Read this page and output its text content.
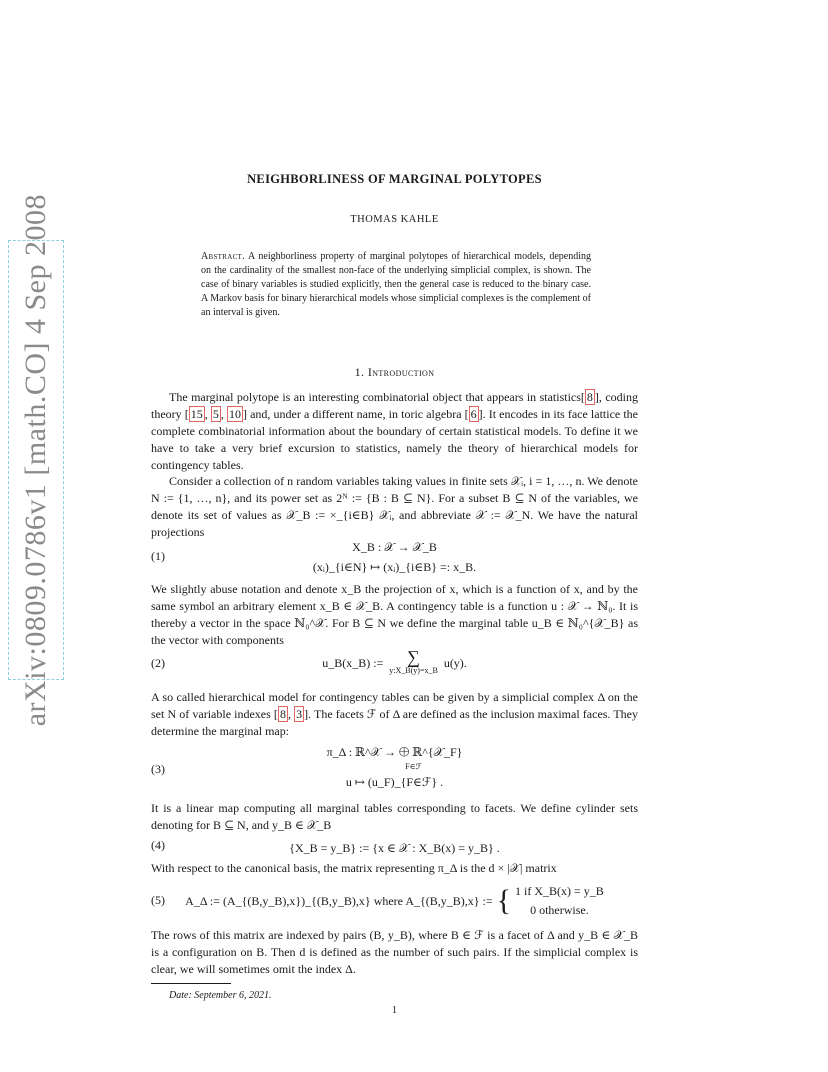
arXiv:0809.0786v1 [math.CO] 4 Sep 2008
NEIGHBORLINESS OF MARGINAL POLYTOPES
THOMAS KAHLE
Abstract. A neighborliness property of marginal polytopes of hierarchical models, depending on the cardinality of the smallest non-face of the underlying simplicial complex, is shown. The case of binary variables is studied explicitly, then the general case is reduced to the binary case. A Markov basis for binary hierarchical models whose simplicial complexes is the complement of an interval is given.
1. Introduction

The marginal polytope is an interesting combinatorial object that appears in statistics[ 8 ], coding theory [ 15 , 5 , 10 ] and, under a different name, in toric algebra [ 6 ]. It encodes in its face lattice the complete combinatorial information about the boundary of certain statistical models. To define it we have to take a very brief excursion to statistics, namely the theory of hierarchical models for contingency tables.

Consider a collection of n random variables taking values in finite sets 𝒳ᵢ, i = 1, …, n. We denote N := {1, …, n}, and its power set as 2ᴺ := {B : B ⊆ N}. For a subset B ⊆ N of the variables, we denote its set of values as 𝒳_B := ×_{i∈B} 𝒳ᵢ, and abbreviate 𝒳 := 𝒳_N. We have the natural projections

(1)
X_B : 𝒳 → 𝒳_B
(xᵢ)_{i∈N} ↦ (xᵢ)_{i∈B} =: x_B.

We slightly abuse notation and denote x_B the projection of x, which is a function of x, and by the same symbol an arbitrary element x_B ∈ 𝒳_B. A contingency table is a function u : 𝒳 → ℕ₀. It is thereby a vector in the space ℕ₀^𝒳. For B ⊆ N we define the marginal table u_B ∈ ℕ₀^{𝒳_B} as the vector with components

(2)	u_B(x_B) := ∑
y:X_B(y)=x_B
u(y).

A so called hierarchical model for contingency tables can be given by a simplicial complex Δ on the set N of variable indexes [ 8 , 3 ]. The facets ℱ of Δ are defined as the inclusion maximal faces. They determine the marginal map:

(3)
π_Δ : ℝ^𝒳 → ⨁ ℝ^{𝒳_F}
F∈ℱ
u ↦ (u_F)_{F∈ℱ} .

It is a linear map computing all marginal tables corresponding to facets. We define cylinder sets denoting for B ⊆ N, and y_B ∈ 𝒳_B

(4)	{X_B = y_B} := {x ∈ 𝒳 : X_B(x) = y_B} .

With respect to the canonical basis, the matrix representing π_Δ is the d × |𝒳| matrix

(5) A_Δ := (A_{(B,y_B),x})_{(B,y_B),x} where A_{(B,y_B),x} := { 1 if X_B(x) = y_B
0 otherwise.

The rows of this matrix are indexed by pairs (B, y_B), where B ∈ ℱ is a facet of Δ and y_B ∈ 𝒳_B is a configuration on B. Then d is defined as the number of such pairs. If the simplicial complex is clear, we will sometimes omit the index Δ.

Date: September 6, 2021.
1
